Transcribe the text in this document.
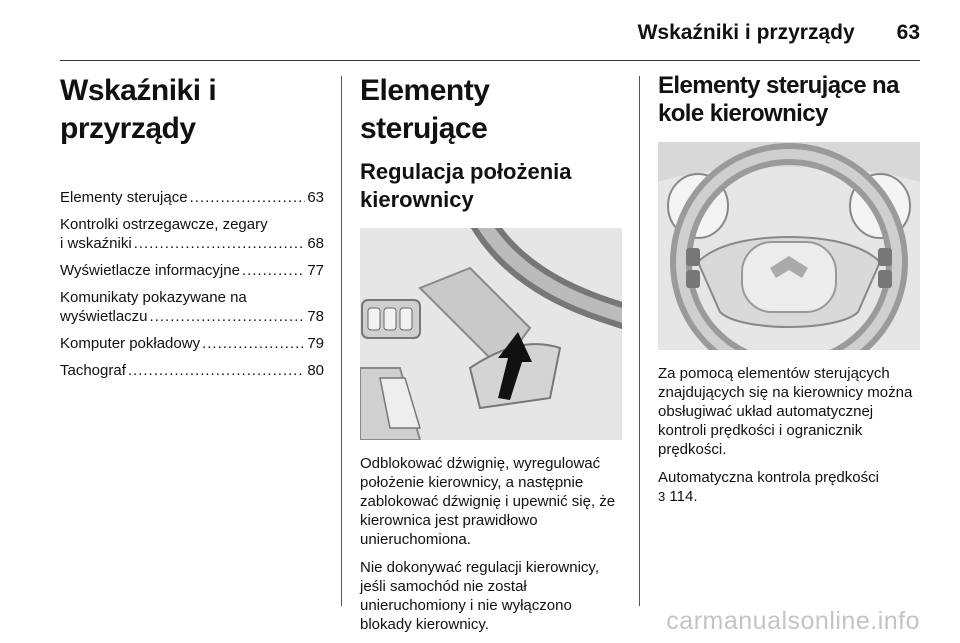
Wskaźniki i przyrządy 63
Wskaźniki i przyrządy
Elementy sterujące .....	63
Kontrolki ostrzegawcze, zegary
i wskaźniki .....	68
Wyświetlacze informacyjne .....	77
Komunikaty pokazywane na
wyświetlaczu .....	78
Komputer pokładowy .....	79
Tachograf .....	80
Elementy sterujące
Regulacja położenia kierownicy

Odblokować dźwignię, wyregulować położenie kierownicy, a następnie zablokować dźwignię i upewnić się, że kierownica jest prawidłowo unieruchomiona.

Nie dokonywać regulacji kierownicy, jeśli samochód nie został unieruchomiony i nie wyłączono blokady kierownicy.

Elementy sterujące na kole kierownicy

Za pomocą elementów sterujących znajdujących się na kierownicy można obsługiwać układ automatycznej kontroli prędkości i ogranicznik prędkości.

Automatyczna kontrola prędkości
3 114.

carmanualsonline.info
